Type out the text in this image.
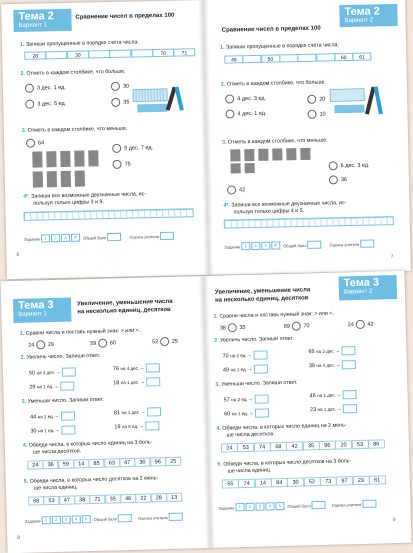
Тема 2
Вариант 1
Сравнение чисел в пределах 100
1. Запиши пропущенные в порядке счёта числа.
28	30	70	71
2. Отметь в каждом столбике, что больше.
3 дес. 1 ед.	30
3 дес. 5 ед.	35
3. Отметь в каждом столбике, что меньше.
64
5 дес. 7 ед.
75
4*. Запиши все возможные двузначные числа, ис-
пользуя только цифры 3 и 9.
Задание	1	2	3	4*	Общий балл	Оценка учителя
6
Тема 2
Вариант 2
Сравнение чисел в пределах 100
1. Запиши пропущенные в порядке счёта числа.
48	50	60	61
2. Отметь в каждом столбике, что больше.
4 дес. 3 ед.	20
4 дес. 1 ед.	10
3. Отметь в каждом столбике, что меньше.
6 дес. 3 ед.
36
42
4*. Запиши все возможные двузначные числа, ис-
пользуя только цифры 4 и 5.
Задание	1	2	3	4*	Общий балл	Оценка учителя
7
Тема 3
Вариант 1
Увеличение, уменьшение числа
на несколько единиц, десятков
1. Сравни числа и поставь нужный знак: > или <.
24 29	59 60	52 25
2. Увеличь число. Запиши ответ.
50 на 3 дес.→
76 на 4 дес.→
29 на 1 ед.→
18 на 1 дес.→
3. Уменьши число. Запиши ответ.
44 на 2 ед.→
81 на 1 дес.→
30 на 1 ед.→
19 на 8 ед.→
4. Обведи числа, в которых число единиц на 3 боль-
ше числа десятков.
24	36	59	14	85	63	47	30	96	25
5. Обведи числа, в которых число десятков на 2 мень-
ше числа единиц.
68	53	47	38	71	35	46	22	28	13
Задание	1	2	3	4	5	Общий балл	Оценка учителя
8
Тема 3
Вариант 2
Увеличение, уменьшение числа
на несколько единиц, десятков
1. Сравни числа и поставь нужный знак: > или <.
38 35	69 70	24 42
2. Увеличь число. Запиши ответ.
70 на 2 ед.→
65 на 3 дес.→
49 на 1 ед.→
39 на 4 дес.→
3. Уменьши число. Запиши ответ.
57 на 2 ед.→
46 на 1 дес.→
60 на 1 ед.→
23 на 1 дес.→
4. Обведи числа, в которых число единиц на 2 мень-
ше числа десятков.
24	53	74	68	42	35	96	20	53	86
5. Обведи числа, в которых число десятков на 3 боль-
ше числа единиц.
55	74	14	84	30	52	73	97	23	61
Задание	1	2	3	4	5	Общий балл	Оценка учителя
9
